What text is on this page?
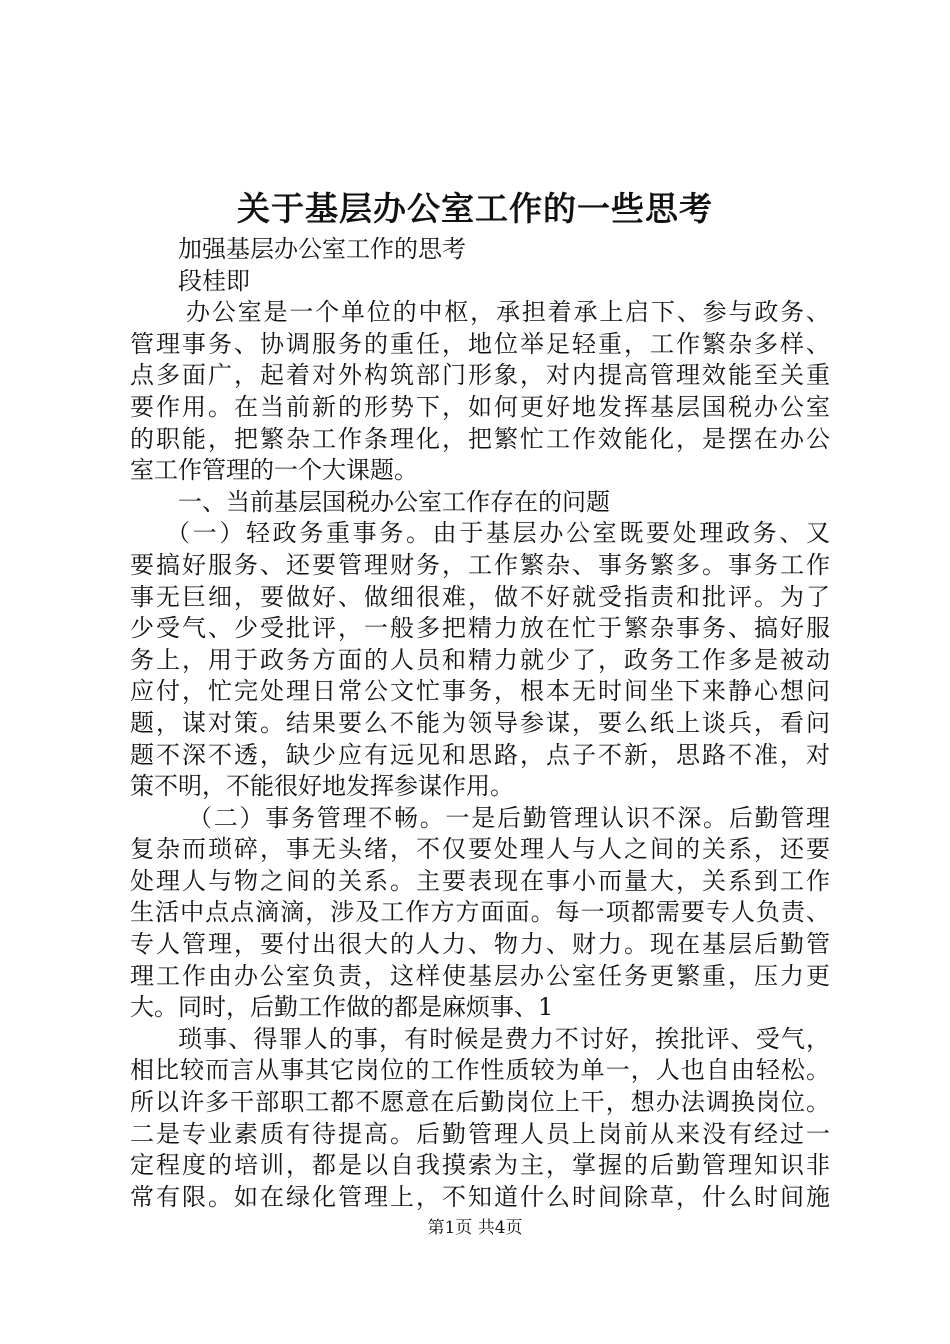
关于基层办公室工作的一些思考
加强基层办公室工作的思考
段桂即
办公室是一个单位的中枢，承担着承上启下、参与政务、
管理事务、协调服务的重任，地位举足轻重，工作繁杂多样、
点多面广，起着对外构筑部门形象，对内提高管理效能至关重
要作用。在当前新的形势下，如何更好地发挥基层国税办公室
的职能，把繁杂工作条理化，把繁忙工作效能化，是摆在办公
室工作管理的一个大课题。
一、当前基层国税办公室工作存在的问题
（一）轻政务重事务。由于基层办公室既要处理政务、又
要搞好服务、还要管理财务，工作繁杂、事务繁多。事务工作
事无巨细，要做好、做细很难，做不好就受指责和批评。为了
少受气、少受批评，一般多把精力放在忙于繁杂事务、搞好服
务上，用于政务方面的人员和精力就少了，政务工作多是被动
应付，忙完处理日常公文忙事务，根本无时间坐下来静心想问
题，谋对策。结果要么不能为领导参谋，要么纸上谈兵，看问
题不深不透，缺少应有远见和思路，点子不新，思路不准，对
策不明，不能很好地发挥参谋作用。
（二）事务管理不畅。一是后勤管理认识不深。后勤管理
复杂而琐碎，事无头绪，不仅要处理人与人之间的关系，还要
处理人与物之间的关系。主要表现在事小而量大，关系到工作
生活中点点滴滴，涉及工作方方面面。每一项都需要专人负责、
专人管理，要付出很大的人力、物力、财力。现在基层后勤管
理工作由办公室负责，这样使基层办公室任务更繁重，压力更
大。同时，后勤工作做的都是麻烦事、1
琐事、得罪人的事，有时候是费力不讨好，挨批评、受气，
相比较而言从事其它岗位的工作性质较为单一，人也自由轻松。
所以许多干部职工都不愿意在后勤岗位上干，想办法调换岗位。
二是专业素质有待提高。后勤管理人员上岗前从来没有经过一
定程度的培训，都是以自我摸索为主，掌握的后勤管理知识非
常有限。如在绿化管理上，不知道什么时间除草，什么时间施
第1页 共4页
